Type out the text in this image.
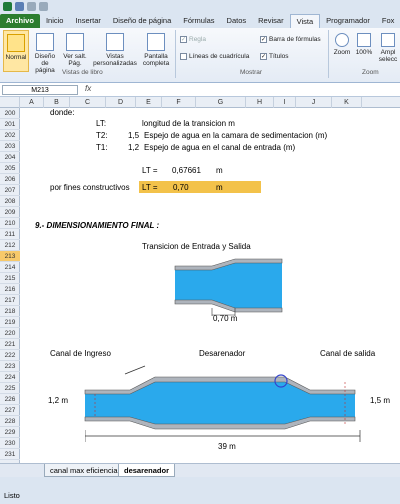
Archivo	Inicio	Insertar	Diseño de página	Fórmulas	Datos	Revisar	Vista	Programador	Fox
Normal	Diseño de página
Ver salt. Pág.
Vistas personalizadas
Pantalla completa
Vistas de libro
✓ Regla	✓ Barra de fórmulas
Líneas de cuadrícula ✓ Títulos
Mostrar
Zoom 100%	Ampl selecc
Zoom
M213	fx
A	B	C	D	E	F	G	H	I	J	K
200
201
202
203
204
205
206
207
208
209
210
211
212
213
214
215
216
217
218
219
220
221
222
223
224
225
226
227
228
229
230
231
donde:
LT:	longitud de la transicion m
T2:	1,5 Espejo de agua en la camara de sedimentacion (m)
T1:	1,2 Espejo de agua en el canal de entrada (m)
LT = 0,67661 m
por fines constructivos LT = 0,70	m
9.- DIMENSIONAMIENTO FINAL :
Transicion de Entrada y Salida
0,70 m
Canal de Ingreso	Desarenador	Canal de salida
1,2 m	1,5 m
39 m
canal max eficiencia desarenador
Listo
